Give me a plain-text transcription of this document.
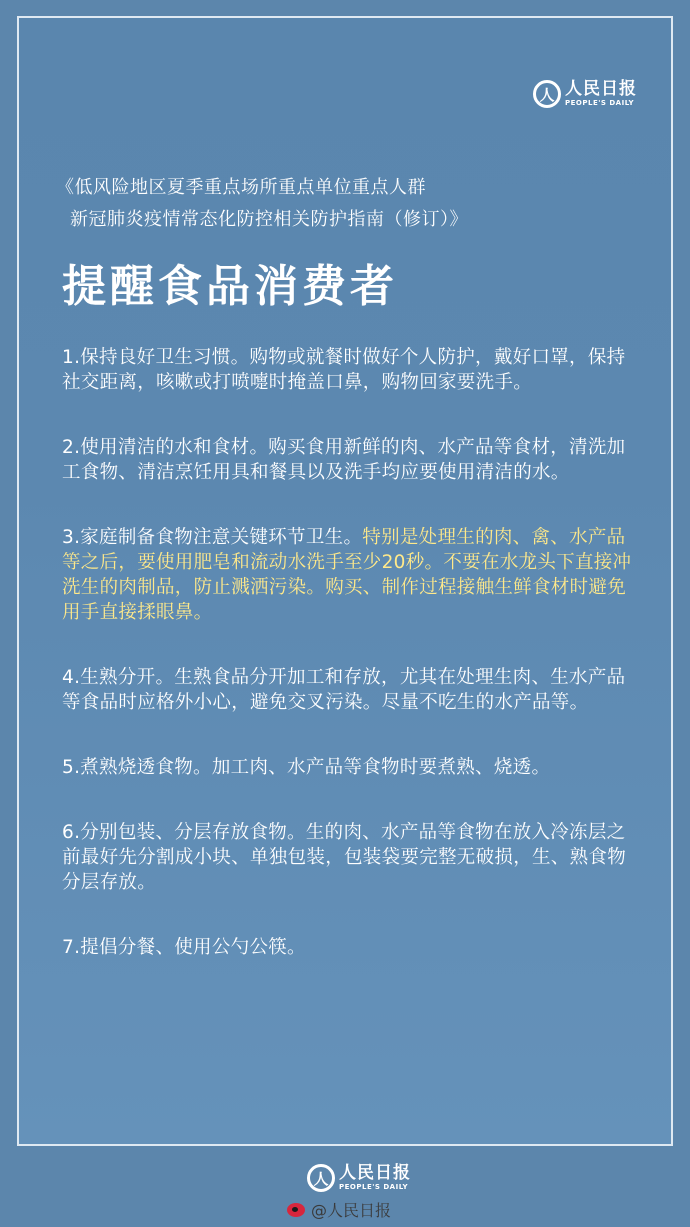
人 人民日报
PEOPLE'S DAILY
《低风险地区夏季重点场所重点单位重点人群
新冠肺炎疫情常态化防控相关防护指南（修订）》
提醒食品消费者

1.保持良好卫生习惯。购物或就餐时做好个人防护，戴好口罩，保持社交距离，咳嗽或打喷嚏时掩盖口鼻，购物回家要洗手。

2.使用清洁的水和食材。购买食用新鲜的肉、水产品等食材，清洗加工食物、清洁烹饪用具和餐具以及洗手均应要使用清洁的水。

3.家庭制备食物注意关键环节卫生。特别是处理生的肉、禽、水产品等之后，要使用肥皂和流动水洗手至少20秒。不要在水龙头下直接冲洗生的肉制品，防止溅洒污染。购买、制作过程接触生鲜食材时避免用手直接揉眼鼻。

4.生熟分开。生熟食品分开加工和存放，尤其在处理生肉、生水产品等食品时应格外小心，避免交叉污染。尽量不吃生的水产品等。

5.煮熟烧透食物。加工肉、水产品等食物时要煮熟、烧透。

6.分别包装、分层存放食物。生的肉、水产品等食物在放入冷冻层之前最好先分割成小块、单独包装，包装袋要完整无破损，生、熟食物分层存放。

7.提倡分餐、使用公勺公筷。

人 人民日报
PEOPLE'S DAILY
@人民日报
